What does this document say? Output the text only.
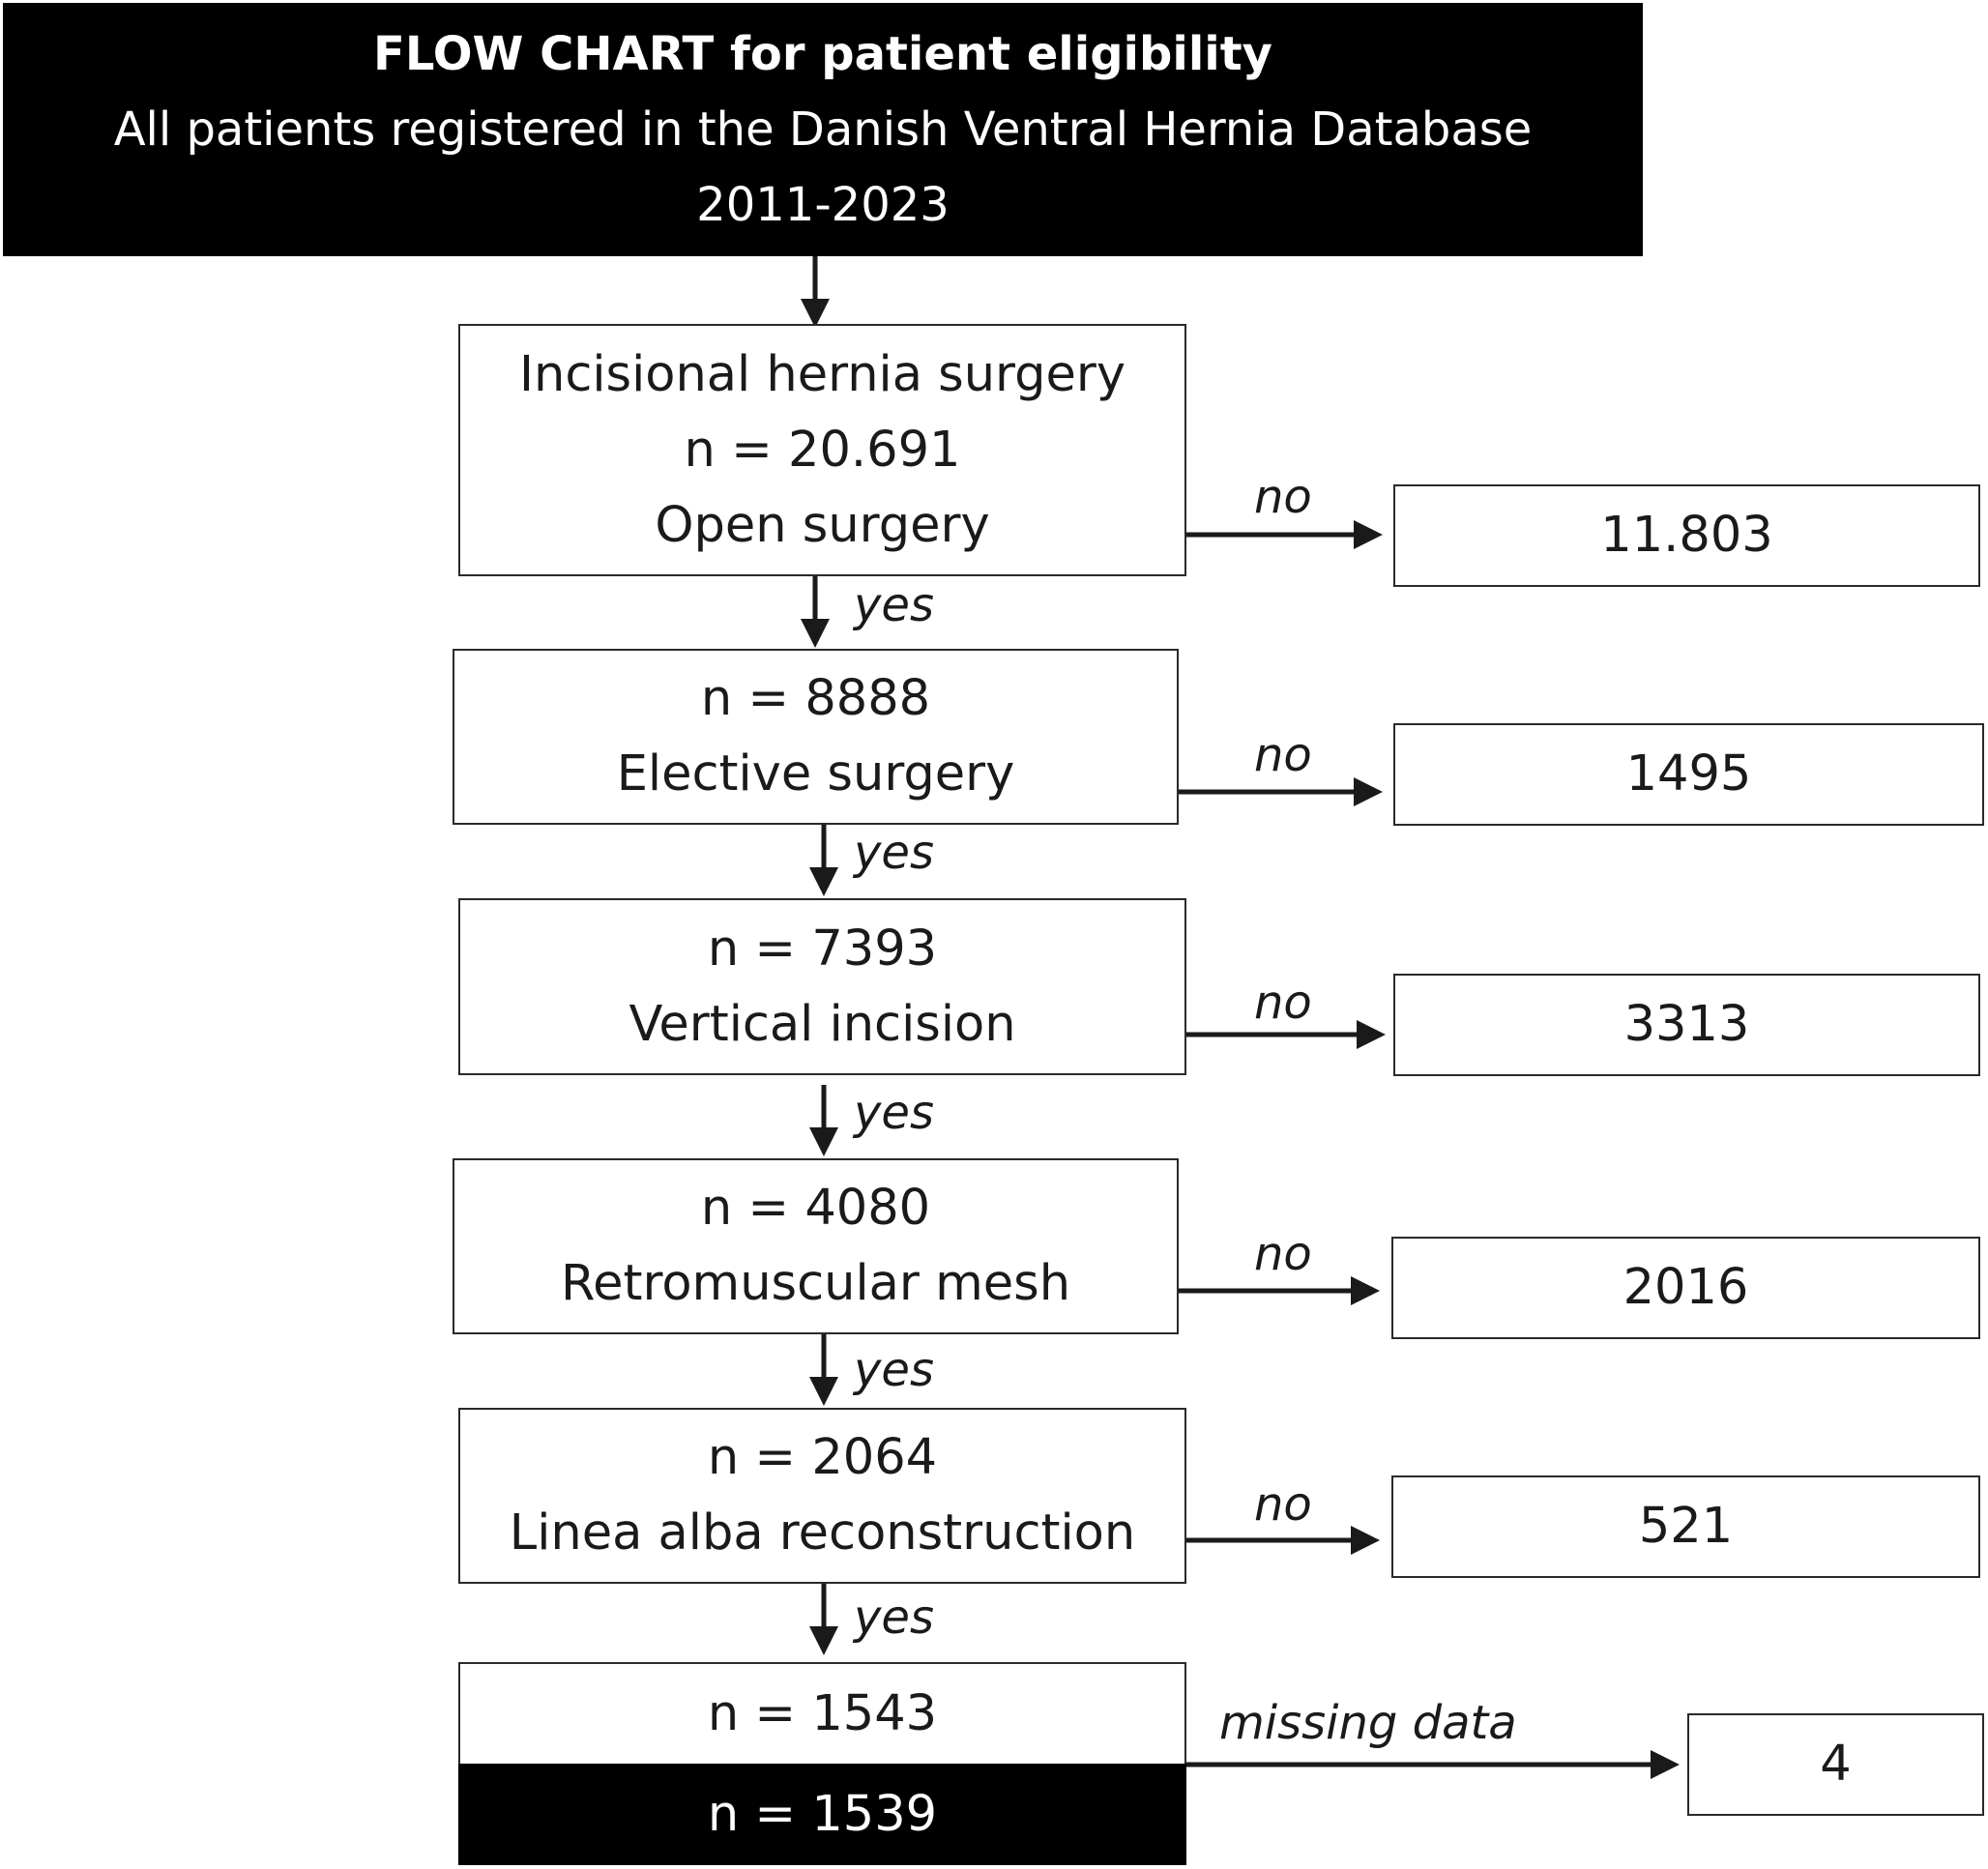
FLOW CHART for patient eligibility
All patients registered in the Danish Ventral Hernia Database
2011-2023
Incisional hernia surgery
n = 20.691
Open surgery
n = 8888
Elective surgery
n = 7393
Vertical incision
n = 4080
Retromuscular mesh
n = 2064
Linea alba reconstruction
n = 1543
n = 1539
11.803
1495
3313
2016
521
4
yes
yes
yes
yes
yes
no
no
no
no
no
missing data
